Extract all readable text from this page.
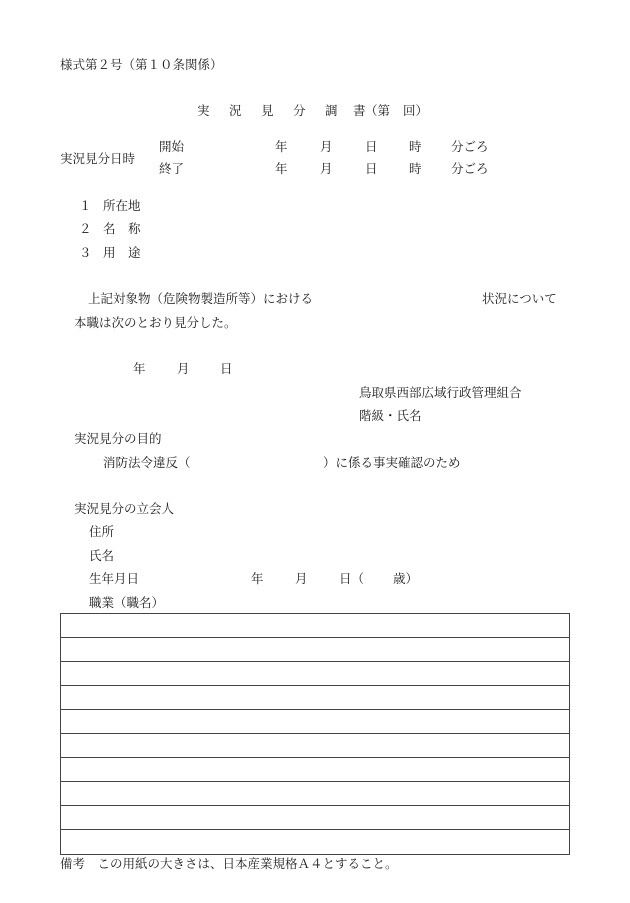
様式第２号（第１０条関係）
実 況 見 分 調 書 （第 回）
実況見分日時
開始	年	月	日	時 分ごろ
終了	年	月	日	時 分ごろ
１ 所在地
２ 名　称
３ 用　途
上記対象物（危険物製造所等）における	状況について
本職は次のとおり見分した。
年	月 日
鳥取県西部広域行政管理組合
階級・氏名
実況見分の目的
消防法令違反（	）に係る事実確認のため
実況見分の立会人
住所
氏名
生年月日	年	月	日（ 歳）
職業（職名）
備考　この用紙の大きさは、日本産業規格Ａ４とすること。
